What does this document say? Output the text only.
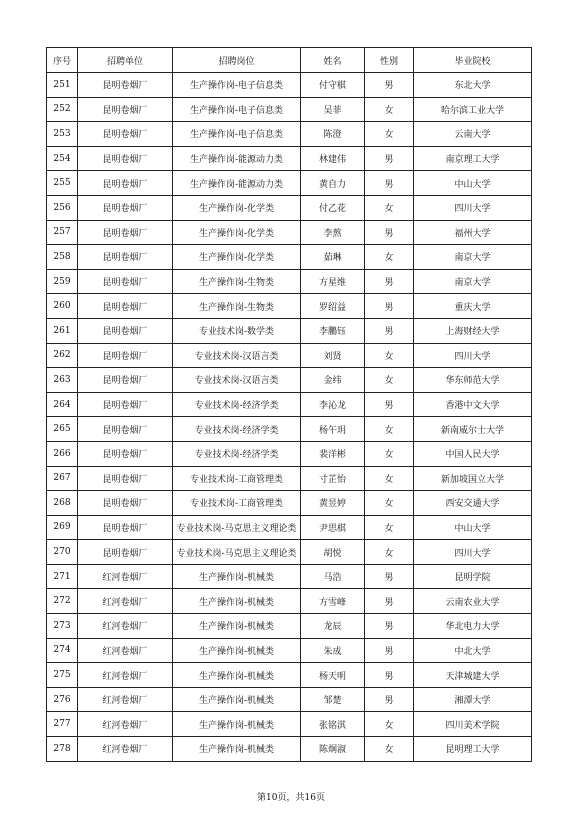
序号	招聘单位	招聘岗位	姓名	性别	毕业院校
251	昆明卷烟厂	生产操作岗-电子信息类	付守棋	男	东北大学
252	昆明卷烟厂	生产操作岗-电子信息类	吴菲	女	哈尔滨工业大学
253	昆明卷烟厂	生产操作岗-电子信息类	陈澄	女	云南大学
254	昆明卷烟厂	生产操作岗-能源动力类	林建伟	男	南京理工大学
255	昆明卷烟厂	生产操作岗-能源动力类	黄自力	男	中山大学
256	昆明卷烟厂	生产操作岗-化学类	付乙花	女	四川大学
257	昆明卷烟厂	生产操作岗-化学类	李熬	男	福州大学
258	昆明卷烟厂	生产操作岗-化学类	茹琳	女	南京大学
259	昆明卷烟厂	生产操作岗-生物类	方星维	男	南京大学
260	昆明卷烟厂	生产操作岗-生物类	罗绍益	男	重庆大学
261	昆明卷烟厂	专业技术岗-数学类	李鵬钰	男	上海财经大学
262	昆明卷烟厂	专业技术岗-汉语言类	刘贤	女	四川大学
263	昆明卷烟厂	专业技术岗-汉语言类	金纬	女	华东师范大学
264	昆明卷烟厂	专业技术岗-经济学类	李沁龙	男	香港中文大学
265	昆明卷烟厂	专业技术岗-经济学类	杨午玥	女	新南威尔士大学
266	昆明卷烟厂	专业技术岗-经济学类	裴洋彬	女	中国人民大学
267	昆明卷烟厂	专业技术岗-工商管理类	寸芷怡	女	新加坡国立大学
268	昆明卷烟厂	专业技术岗-工商管理类	黄昱婷	女	西安交通大学
269	昆明卷烟厂	专业技术岗-马克思主义理论类	尹思棋	女	中山大学
270	昆明卷烟厂	专业技术岗-马克思主义理论类	胡悦	女	四川大学
271	红河卷烟厂	生产操作岗-机械类	马浩	男	昆明学院
272	红河卷烟厂	生产操作岗-机械类	方雪峰	男	云南农业大学
273	红河卷烟厂	生产操作岗-机械类	龙辰	男	华北电力大学
274	红河卷烟厂	生产操作岗-机械类	朱成	男	中北大学
275	红河卷烟厂	生产操作岗-机械类	杨天明	男	天津城建大学
276	红河卷烟厂	生产操作岗-机械类	邹楚	男	湘潭大学
277	红河卷烟厂	生产操作岗-机械类	张铭淇	女	四川美术学院
278	红河卷烟厂	生产操作岗-机械类	陈炯淑	女	昆明理工大学
第10页，共16页
